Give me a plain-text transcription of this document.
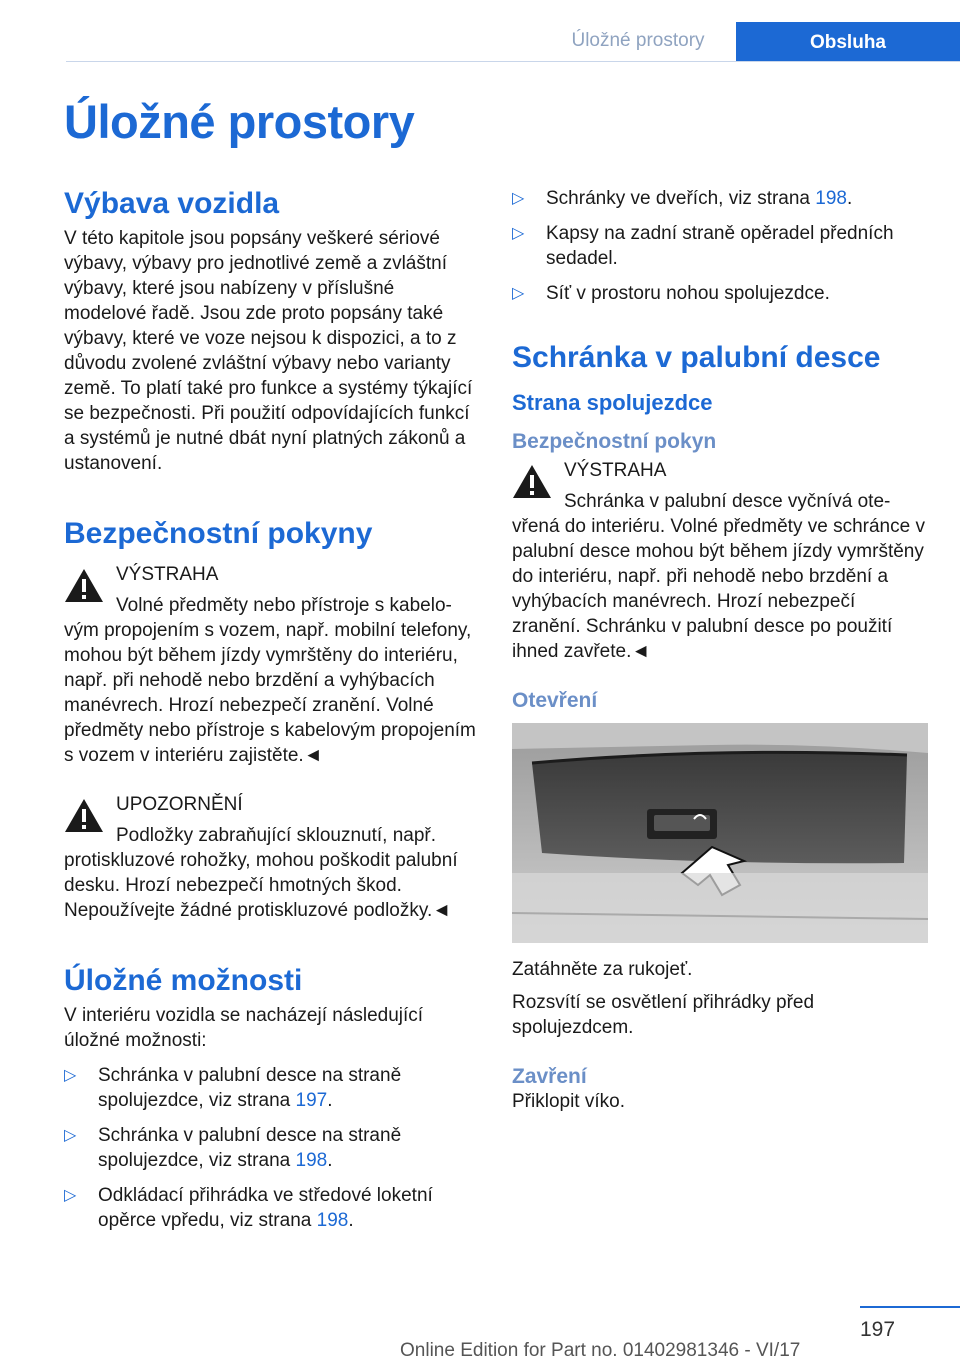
Úložné prostory	Obsluha
Úložné prostory
Výbava vozidla

V této kapitole jsou popsány veškeré sériové výbavy, výbavy pro jednotlivé země a zvláštní výbavy, které jsou nabízeny v příslušné modelové řadě. Jsou zde proto popsány také výbavy, které ve voze nejsou k dispozici, a to z důvodu zvolené zvláštní výbavy nebo varianty země. To platí také pro funkce a systémy týkající se bezpečnosti. Při použití odpovídajících funkcí a systémů je nutné dbát nyní platných zákonů a ustanovení.

Bezpečnostní pokyny
VÝSTRAHA
Volné předměty nebo přístroje s kabelo-

vým propojením s vozem, např. mobilní telefony, mohou být během jízdy vymrštěny do interiéru, např. při nehodě nebo brzdění a vyhýbacích manévrech. Hrozí nebezpečí zranění. Volné předměty nebo přístroje s kabelovým propojením s vozem v interiéru zajistěte.◄

UPOZORNĚNÍ
Podložky zabraňující sklouznutí, např.

protiskluzové rohožky, mohou poškodit palubní desku. Hrozí nebezpečí hmotných škod. Nepoužívejte žádné protiskluzové podložky.◄

Úložné možnosti

V interiéru vozidla se nacházejí následující úložné možnosti:

▷ Schránka v palubní desce na straně spolujezdce, viz strana 197.
▷ Schránka v palubní desce na straně spolujezdce, viz strana 198.
▷ Odkládací přihrádka ve středové loketní opěrce vpředu, viz strana 198.
▷ Schránky ve dveřích, viz strana 198.
▷ Kapsy na zadní straně opěradel předních sedadel.
▷ Síť v prostoru nohou spolujezdce.
Schránka v palubní desce
Strana spolujezdce
Bezpečnostní pokyn
VÝSTRAHA
Schránka v palubní desce vyčnívá ote-

vřená do interiéru. Volné předměty ve schránce v palubní desce mohou být během jízdy vymrštěny do interiéru, např. při nehodě nebo brzdění a vyhýbacích manévrech. Hrozí nebezpečí zranění. Schránku v palubní desce po použití ihned zavřete.◄

Otevření

Zatáhněte za rukojeť.

Rozsvítí se osvětlení přihrádky před spolujezdcem.

Zavření

Přiklopit víko.

197
Online Edition for Part no. 01402981346 - VI/17
